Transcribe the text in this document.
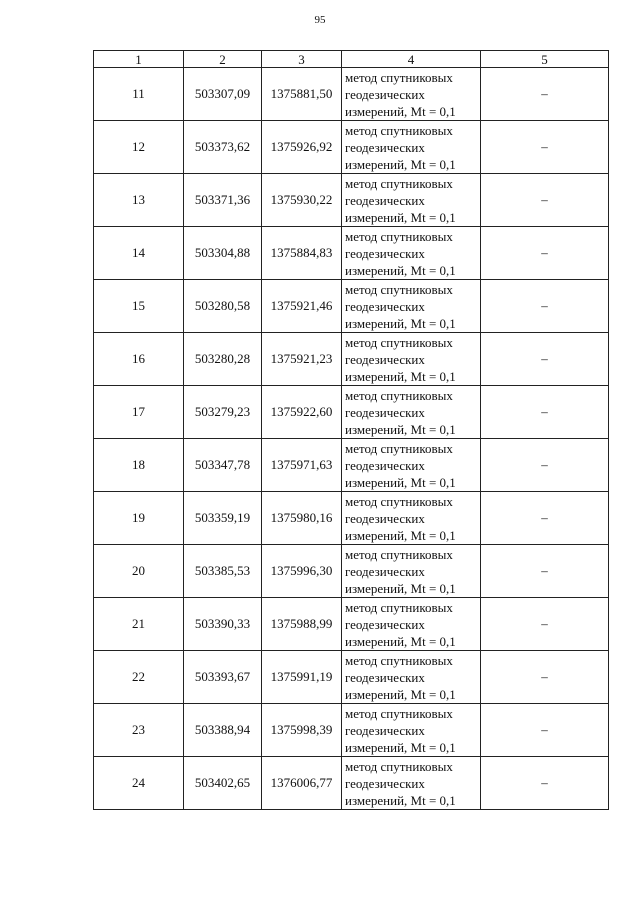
95
1	2	3	4	5
11	503307,09	1375881,50	метод спутниковых
геодезических
измерений, Mt = 0,1	–
12	503373,62	1375926,92	метод спутниковых
геодезических
измерений, Mt = 0,1	–
13	503371,36	1375930,22	метод спутниковых
геодезических
измерений, Mt = 0,1	–
14	503304,88	1375884,83	метод спутниковых
геодезических
измерений, Mt = 0,1	–
15	503280,58	1375921,46	метод спутниковых
геодезических
измерений, Mt = 0,1	–
16	503280,28	1375921,23	метод спутниковых
геодезических
измерений, Mt = 0,1	–
17	503279,23	1375922,60	метод спутниковых
геодезических
измерений, Mt = 0,1	–
18	503347,78	1375971,63	метод спутниковых
геодезических
измерений, Mt = 0,1	–
19	503359,19	1375980,16	метод спутниковых
геодезических
измерений, Mt = 0,1	–
20	503385,53	1375996,30	метод спутниковых
геодезических
измерений, Mt = 0,1	–
21	503390,33	1375988,99	метод спутниковых
геодезических
измерений, Mt = 0,1	–
22	503393,67	1375991,19	метод спутниковых
геодезических
измерений, Mt = 0,1	–
23	503388,94	1375998,39	метод спутниковых
геодезических
измерений, Mt = 0,1	–
24	503402,65	1376006,77	метод спутниковых
геодезических
измерений, Mt = 0,1	–
